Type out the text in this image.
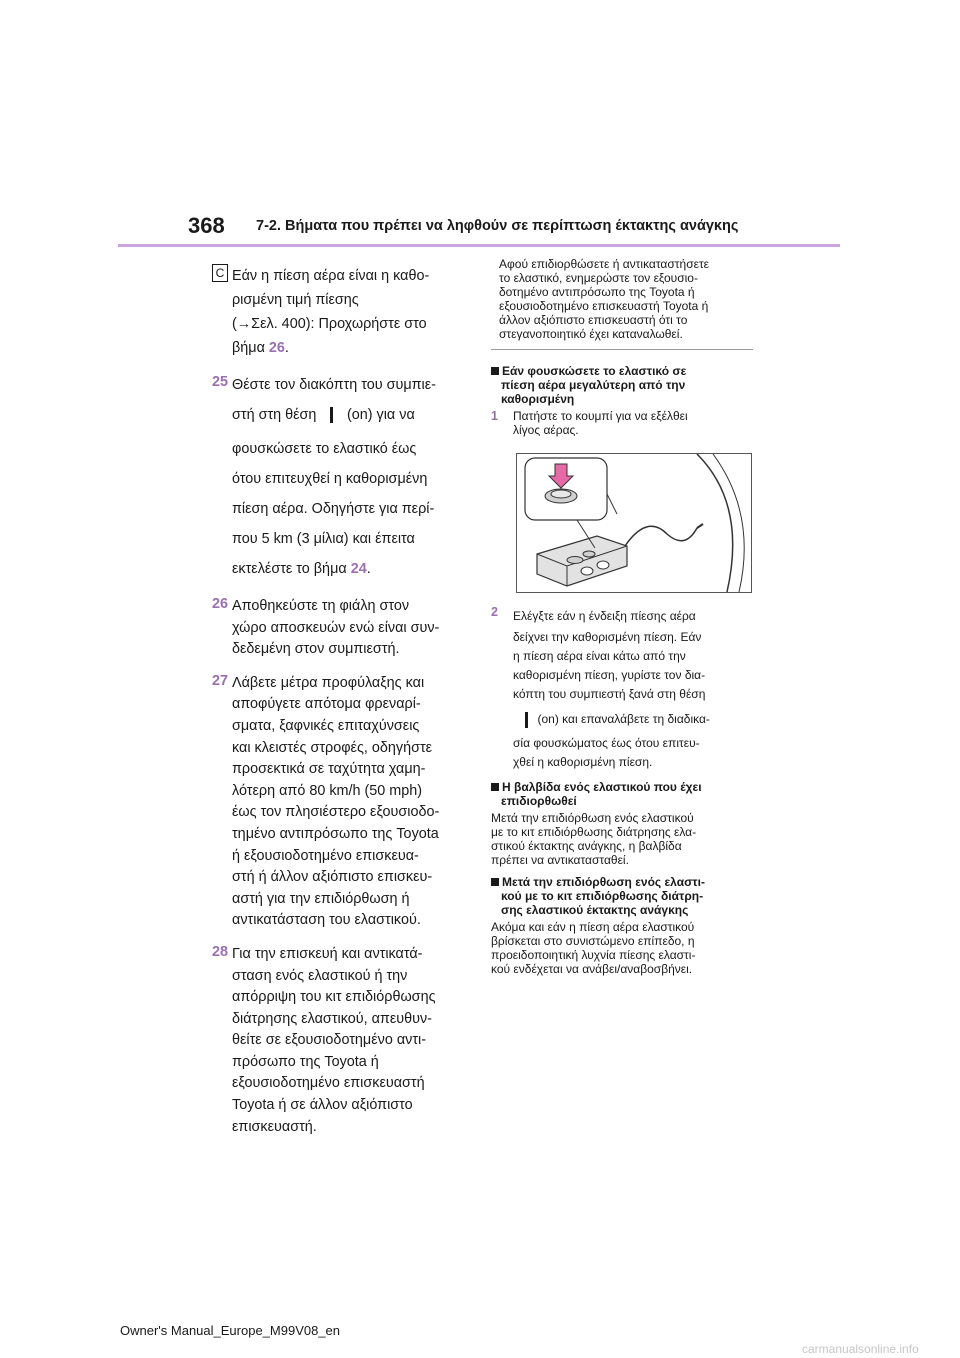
368 7-2. Βήματα που πρέπει να ληφθούν σε περίπτωση έκτακτης ανάγκης
C Εάν η πίεση αέρα είναι η καθο-
ρισμένη τιμή πίεσης
(→Σελ. 400): Προχωρήστε στο
βήμα 26.
25 Θέστε τον διακόπτη του συμπιε-
στή στη θέση (on) για να
φουσκώσετε το ελαστικό έως
ότου επιτευχθεί η καθορισμένη
πίεση αέρα. Οδηγήστε για περί-
που 5 km (3 μίλια) και έπειτα
εκτελέστε το βήμα 24.
26 Αποθηκεύστε τη φιάλη στον
χώρο αποσκευών ενώ είναι συν-
δεδεμένη στον συμπιεστή.
27 Λάβετε μέτρα προφύλαξης και
αποφύγετε απότομα φρεναρί-
σματα, ξαφνικές επιταχύνσεις
και κλειστές στροφές, οδηγήστε
προσεκτικά σε ταχύτητα χαμη-
λότερη από 80 km/h (50 mph)
έως τον πλησιέστερο εξουσιοδο-
τημένο αντιπρόσωπο της Toyota
ή εξουσιοδοτημένο επισκευα-
στή ή άλλον αξιόπιστο επισκευ-
αστή για την επιδιόρθωση ή
αντικατάσταση του ελαστικού.
28 Για την επισκευή και αντικατά-
σταση ενός ελαστικού ή την
απόρριψη του κιτ επιδιόρθωσης
διάτρησης ελαστικού, απευθυν-
θείτε σε εξουσιοδοτημένο αντι-
πρόσωπο της Toyota ή
εξουσιοδοτημένο επισκευαστή
Toyota ή σε άλλον αξιόπιστο
επισκευαστή.
Αφού επιδιορθώσετε ή αντικαταστήσετε
το ελαστικό, ενημερώστε τον εξουσιο-
δοτημένο αντιπρόσωπο της Toyota ή
εξουσιοδοτημένο επισκευαστή Toyota ή
άλλον αξιόπιστο επισκευαστή ότι το
στεγανοποιητικό έχει καταναλωθεί.
Εάν φουσκώσετε το ελαστικό σε
πίεση αέρα μεγαλύτερη από την
καθορισμένη
1 Πατήστε το κουμπί για να εξέλθει
λίγος αέρας.
2 Ελέγξτε εάν η ένδειξη πίεσης αέρα
δείχνει την καθορισμένη πίεση. Εάν
η πίεση αέρα είναι κάτω από την
καθορισμένη πίεση, γυρίστε τον δια-
κόπτη του συμπιεστή ξανά στη θέση
(on) και επαναλάβετε τη διαδικα-
σία φουσκώματος έως ότου επιτευ-
χθεί η καθορισμένη πίεση.
Η βαλβίδα ενός ελαστικού που έχει
επιδιορθωθεί
Μετά την επιδιόρθωση ενός ελαστικού
με το κιτ επιδιόρθωσης διάτρησης ελα-
στικού έκτακτης ανάγκης, η βαλβίδα
πρέπει να αντικατασταθεί.
Μετά την επιδιόρθωση ενός ελαστι-
κού με το κιτ επιδιόρθωσης διάτρη-
σης ελαστικού έκτακτης ανάγκης
Ακόμα και εάν η πίεση αέρα ελαστικού
βρίσκεται στο συνιστώμενο επίπεδο, η
προειδοποιητική λυχνία πίεσης ελαστι-
κού ενδέχεται να ανάβει/αναβοσβήνει.
Owner's Manual_Europe_M99V08_en
carmanualsonline.info
